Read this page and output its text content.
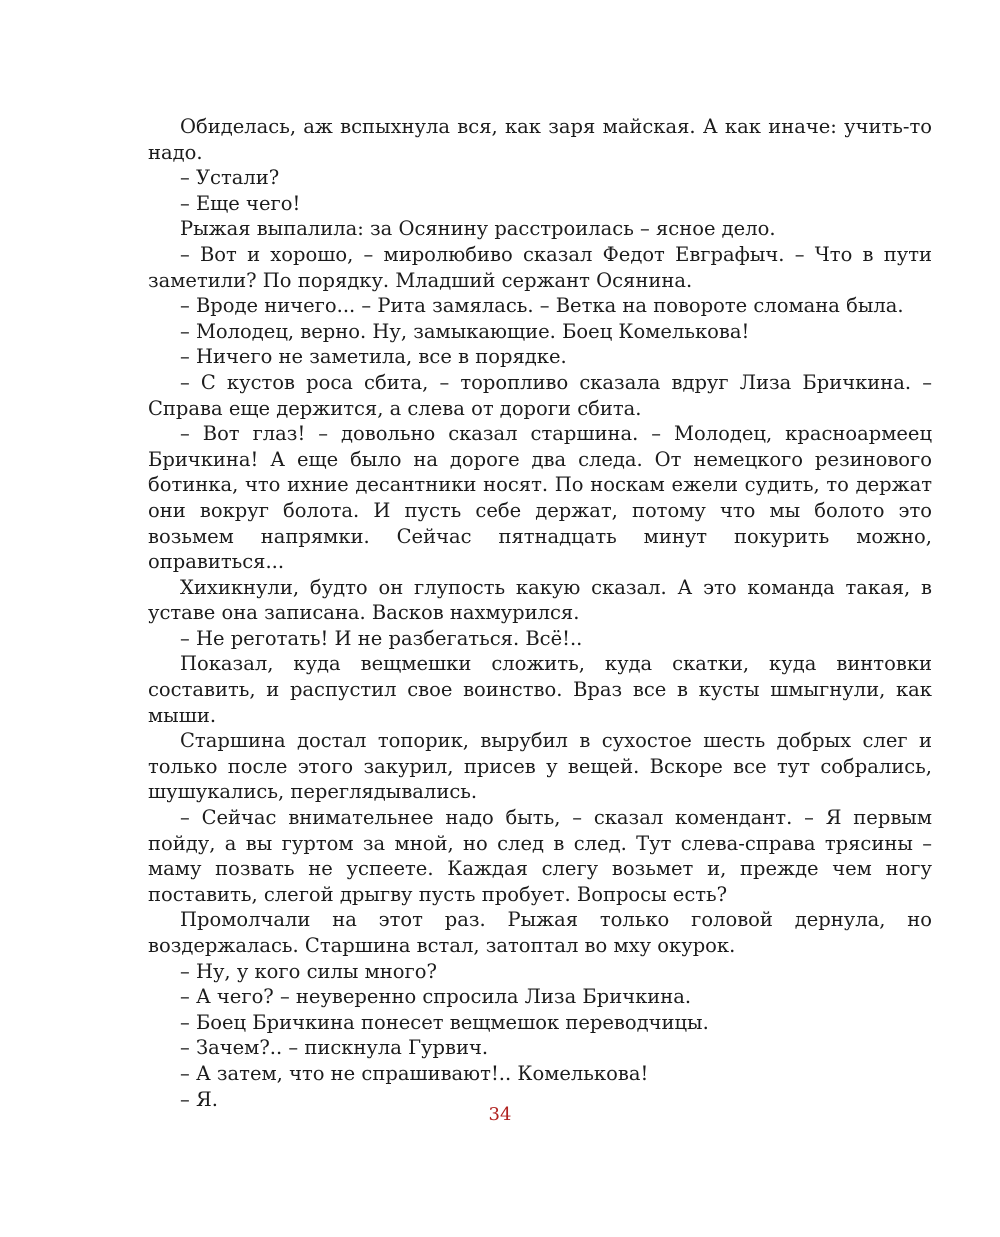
Обиделась, аж вспыхнула вся, как заря майская. А как иначе: учить-то надо.

– Устали?

– Еще чего!

Рыжая выпалила: за Осянину расстроилась – ясное дело.

– Вот и хорошо, – миролюбиво сказал Федот Евграфыч. – Что в пути заметили? По порядку. Младший сержант Осянина.

– Вроде ничего... – Рита замялась. – Ветка на повороте сломана была.

– Молодец, верно. Ну, замыкающие. Боец Комелькова!

– Ничего не заметила, все в порядке.

– С кустов роса сбита, – торопливо сказала вдруг Лиза Бричкина. – Справа еще держится, а слева от дороги сбита.

– Вот глаз! – довольно сказал старшина. – Молодец, красноармеец Бричкина! А еще было на дороге два следа. От немецкого резинового ботинка, что ихние десантники носят. По носкам ежели судить, то держат они вокруг болота. И пусть себе держат, потому что мы болото это возьмем напрямки. Сейчас пятнадцать минут покурить можно, оправиться...

Хихикнули, будто он глупость какую сказал. А это команда такая, в уставе она записана. Васков нахмурился.

– Не реготать! И не разбегаться. Всё!..

Показал, куда вещмешки сложить, куда скатки, куда винтовки составить, и распустил свое воинство. Враз все в кусты шмыгнули, как мыши.

Старшина достал топорик, вырубил в сухостое шесть добрых слег и только после этого закурил, присев у вещей. Вскоре все тут собрались, шушукались, переглядывались.

– Сейчас внимательнее надо быть, – сказал комендант. – Я первым пойду, а вы гуртом за мной, но след в след. Тут слева-справа трясины – маму позвать не успеете. Каждая слегу возьмет и, прежде чем ногу поставить, слегой дрыгву пусть пробует. Вопросы есть?

Промолчали на этот раз. Рыжая только головой дернула, но воздержалась. Старшина встал, затоптал во мху окурок.

– Ну, у кого силы много?

– А чего? – неуверенно спросила Лиза Бричкина.

– Боец Бричкина понесет вещмешок переводчицы.

– Зачем?.. – пискнула Гурвич.

– А затем, что не спрашивают!.. Комелькова!

– Я.

34
